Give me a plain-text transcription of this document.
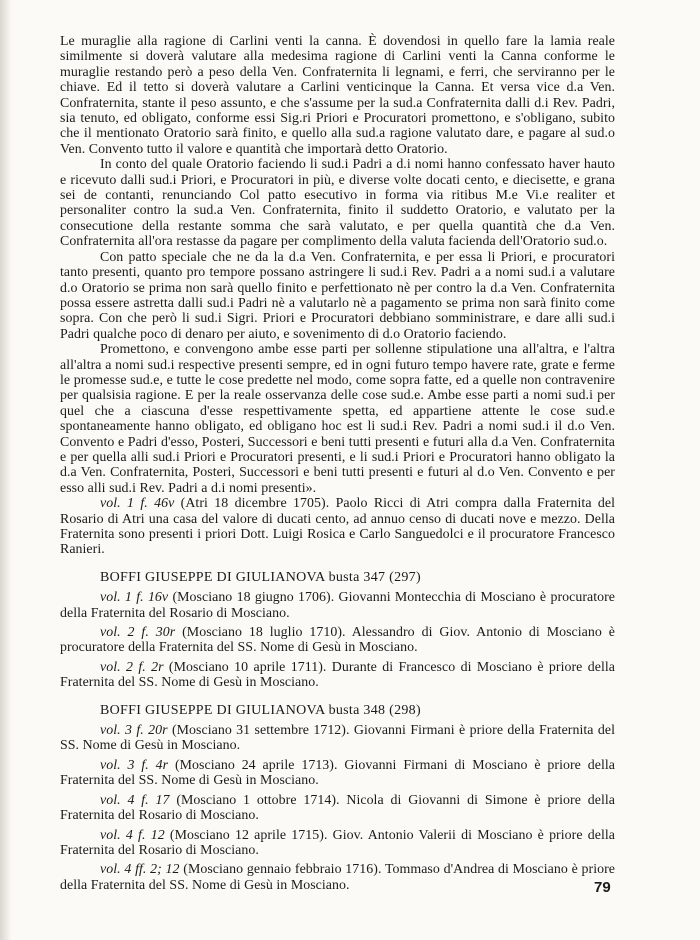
Le muraglie alla ragione di Carlini venti la canna. È dovendosi in quello fare la lamia reale similmente si doverà valutare alla medesima ragione di Carlini venti la Canna conforme le muraglie restando però a peso della Ven. Confraternita li legnami, e ferri, che serviranno per le chiave. Ed il tetto si doverà valutare a Carlini venticinque la Canna. Et versa vice d.a Ven. Confraternita, stante il peso assunto, e che s'assume per la sud.a Confraternita dalli d.i Rev. Padri, sia tenuto, ed obligato, conforme essi Sig.ri Priori e Procuratori promettono, e s'obligano, subito che il mentionato Oratorio sarà finito, e quello alla sud.a ragione valutato dare, e pagare al sud.o Ven. Convento tutto il valore e quantità che importarà detto Oratorio.

In conto del quale Oratorio faciendo li sud.i Padri a d.i nomi hanno confessato haver hauto e ricevuto dalli sud.i Priori, e Procuratori in più, e diverse volte docati cento, e diecisette, e grana sei de contanti, renunciando Col patto esecutivo in forma via ritibus M.e Vi.e realiter et personaliter contro la sud.a Ven. Confraternita, finito il suddetto Oratorio, e valutato per la consecutione della restante somma che sarà valutato, e per quella quantità che d.a Ven. Confraternita all'ora restasse da pagare per complimento della valuta facienda dell'Oratorio sud.o.

Con patto speciale che ne da la d.a Ven. Confraternita, e per essa li Priori, e procuratori tanto presenti, quanto pro tempore possano astringere li sud.i Rev. Padri a a nomi sud.i a valutare d.o Oratorio se prima non sarà quello finito e perfettionato nè per contro la d.a Ven. Confraternita possa essere astretta dalli sud.i Padri nè a valutarlo nè a pagamento se prima non sarà finito come sopra. Con che però li sud.i Sigri. Priori e Procuratori debbiano somministrare, e dare alli sud.i Padri qualche poco di denaro per aiuto, e sovenimento di d.o Oratorio faciendo.

Promettono, e convengono ambe esse parti per sollenne stipulatione una all'altra, e l'altra all'altra a nomi sud.i respective presenti sempre, ed in ogni futuro tempo havere rate, grate e ferme le promesse sud.e, e tutte le cose predette nel modo, come sopra fatte, ed a quelle non contravenire per qualsisia ragione. E per la reale osservanza delle cose sud.e. Ambe esse parti a nomi sud.i per quel che a ciascuna d'esse respettivamente spetta, ed appartiene attente le cose sud.e spontaneamente hanno obligato, ed obligano hoc est li sud.i Rev. Padri a nomi sud.i il d.o Ven. Convento e Padri d'esso, Posteri, Successori e beni tutti presenti e futuri alla d.a Ven. Confraternita e per quella alli sud.i Priori e Procuratori presenti, e li sud.i Priori e Procuratori hanno obligato la d.a Ven. Confraternita, Posteri, Successori e beni tutti presenti e futuri al d.o Ven. Convento e per esso alli sud.i Rev. Padri a d.i nomi presenti».

vol. 1 f. 46v (Atri 18 dicembre 1705). Paolo Ricci di Atri compra dalla Fraternita del Rosario di Atri una casa del valore di ducati cento, ad annuo censo di ducati nove e mezzo. Della Fraternita sono presenti i priori Dott. Luigi Rosica e Carlo Sanguedolci e il procuratore Francesco Ranieri.

BOFFI GIUSEPPE DI GIULIANOVA busta 347 (297)

vol. 1 f. 16v (Mosciano 18 giugno 1706). Giovanni Montecchia di Mosciano è procuratore della Fraternita del Rosario di Mosciano.

vol. 2 f. 30r (Mosciano 18 luglio 1710). Alessandro di Giov. Antonio di Mosciano è procuratore della Fraternita del SS. Nome di Gesù in Mosciano.

vol. 2 f. 2r (Mosciano 10 aprile 1711). Durante di Francesco di Mosciano è priore della Fraternita del SS. Nome di Gesù in Mosciano.

BOFFI GIUSEPPE DI GIULIANOVA busta 348 (298)

vol. 3 f. 20r (Mosciano 31 settembre 1712). Giovanni Firmani è priore della Fraternita del SS. Nome di Gesù in Mosciano.

vol. 3 f. 4r (Mosciano 24 aprile 1713). Giovanni Firmani di Mosciano è priore della Fraternita del SS. Nome di Gesù in Mosciano.

vol. 4 f. 17 (Mosciano 1 ottobre 1714). Nicola di Giovanni di Simone è priore della Fraternita del Rosario di Mosciano.

vol. 4 f. 12 (Mosciano 12 aprile 1715). Giov. Antonio Valerii di Mosciano è priore della Fraternita del Rosario di Mosciano.

vol. 4 ff. 2; 12 (Mosciano gennaio febbraio 1716). Tommaso d'Andrea di Mosciano è priore della Fraternita del SS. Nome di Gesù in Mosciano.	79
